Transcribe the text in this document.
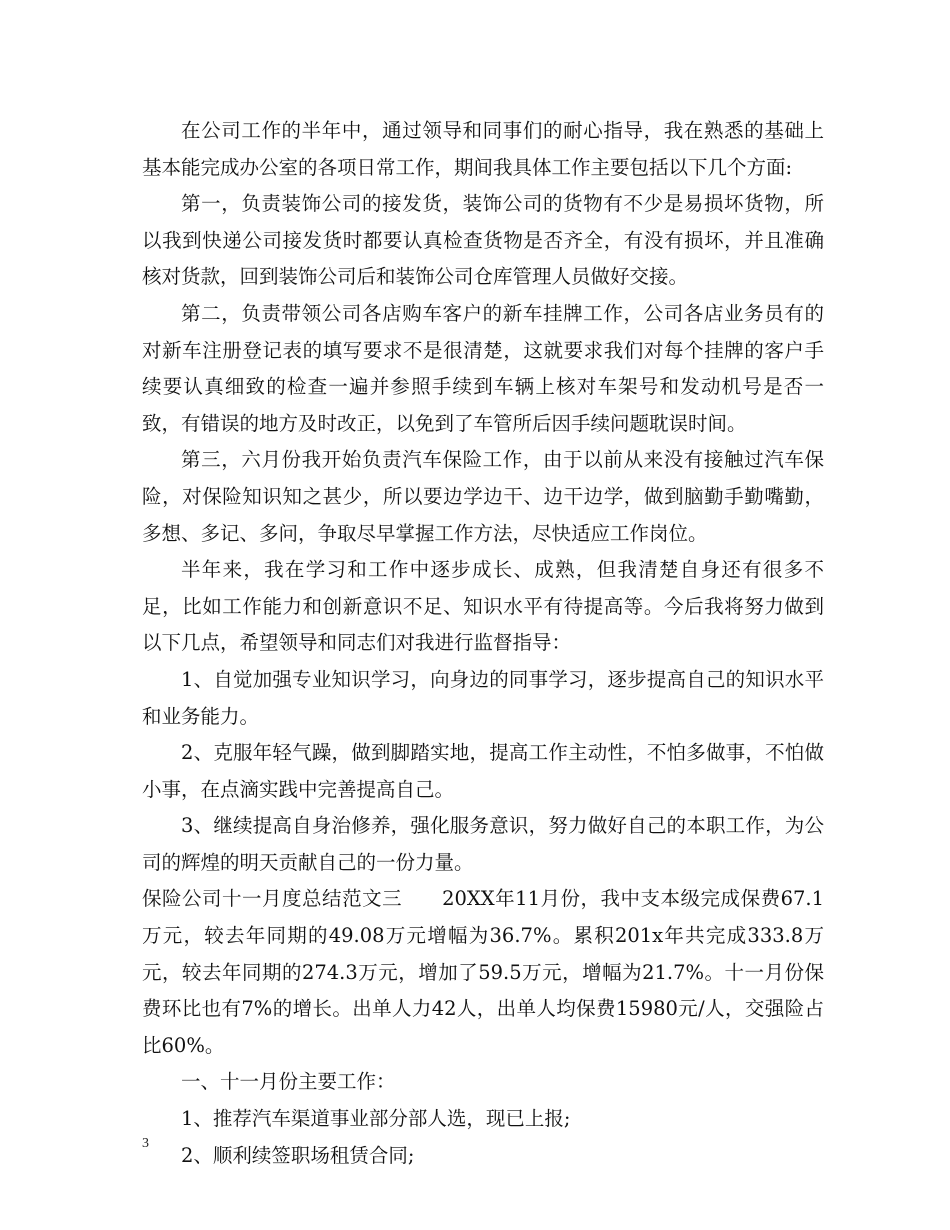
在公司工作的半年中，通过领导和同事们的耐心指导，我在熟悉的基础上基本能完成办公室的各项日常工作，期间我具体工作主要包括以下几个方面:

第一，负责装饰公司的接发货，装饰公司的货物有不少是易损坏货物，所以我到快递公司接发货时都要认真检查货物是否齐全，有没有损坏，并且准确核对货款，回到装饰公司后和装饰公司仓库管理人员做好交接。

第二，负责带领公司各店购车客户的新车挂牌工作，公司各店业务员有的对新车注册登记表的填写要求不是很清楚，这就要求我们对每个挂牌的客户手续要认真细致的检查一遍并参照手续到车辆上核对车架号和发动机号是否一致，有错误的地方及时改正，以免到了车管所后因手续问题耽误时间。

第三，六月份我开始负责汽车保险工作，由于以前从来没有接触过汽车保险，对保险知识知之甚少，所以要边学边干、边干边学，做到脑勤手勤嘴勤，多想、多记、多问，争取尽早掌握工作方法，尽快适应工作岗位。

半年来，我在学习和工作中逐步成长、成熟，但我清楚自身还有很多不足，比如工作能力和创新意识不足、知识水平有待提高等。今后我将努力做到以下几点，希望领导和同志们对我进行监督指导：

1、自觉加强专业知识学习，向身边的同事学习，逐步提高自己的知识水平和业务能力。

2、克服年轻气躁，做到脚踏实地，提高工作主动性，不怕多做事，不怕做小事，在点滴实践中完善提高自己。

3、继续提高自身治修养，强化服务意识，努力做好自己的本职工作，为公司的辉煌的明天贡献自己的一份力量。

保险公司十一月度总结范文三　　20XX年11月份，我中支本级完成保费67.1万元，较去年同期的49.08万元增幅为36.7%。累积201x年共完成333.8万元，较去年同期的274.3万元，增加了59.5万元，增幅为21.7%。十一月份保费环比也有7%的增长。出单人力42人，出单人均保费15980元/人，交强险占比60%。

一、十一月份主要工作：

1、推荐汽车渠道事业部分部人选，现已上报;

2、顺利续签职场租赁合同;

3
